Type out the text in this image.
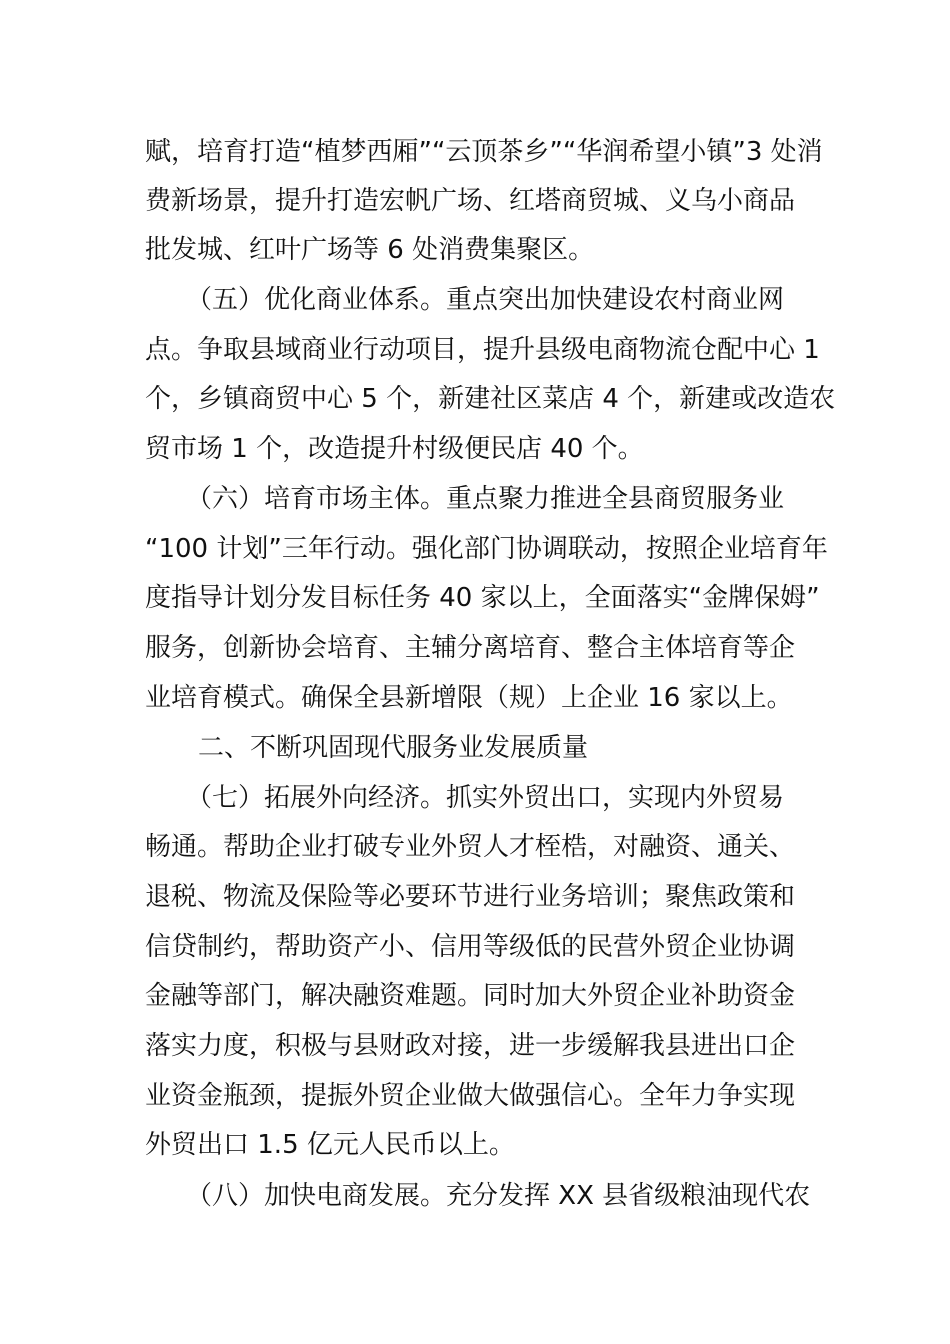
赋，培育打造“植梦西厢”“云顶茶乡”“华润希望小镇”3 处消
费新场景，提升打造宏帆广场、红塔商贸城、义乌小商品
批发城、红叶广场等 6 处消费集聚区。
（五）优化商业体系。重点突出加快建设农村商业网
点。争取县域商业行动项目，提升县级电商物流仓配中心 1
个，乡镇商贸中心 5 个，新建社区菜店 4 个，新建或改造农
贸市场 1 个，改造提升村级便民店 40 个。
（六）培育市场主体。重点聚力推进全县商贸服务业
“100 计划”三年行动。强化部门协调联动，按照企业培育年
度指导计划分发目标任务 40 家以上，全面落实“金牌保姆”
服务，创新协会培育、主辅分离培育、整合主体培育等企
业培育模式。确保全县新增限（规）上企业 16 家以上。
二、不断巩固现代服务业发展质量
（七）拓展外向经济。抓实外贸出口，实现内外贸易
畅通。帮助企业打破专业外贸人才桎梏，对融资、通关、
退税、物流及保险等必要环节进行业务培训；聚焦政策和
信贷制约，帮助资产小、信用等级低的民营外贸企业协调
金融等部门，解决融资难题。同时加大外贸企业补助资金
落实力度，积极与县财政对接，进一步缓解我县进出口企
业资金瓶颈，提振外贸企业做大做强信心。全年力争实现
外贸出口 1.5 亿元人民币以上。
（八）加快电商发展。充分发挥 XX 县省级粮油现代农
